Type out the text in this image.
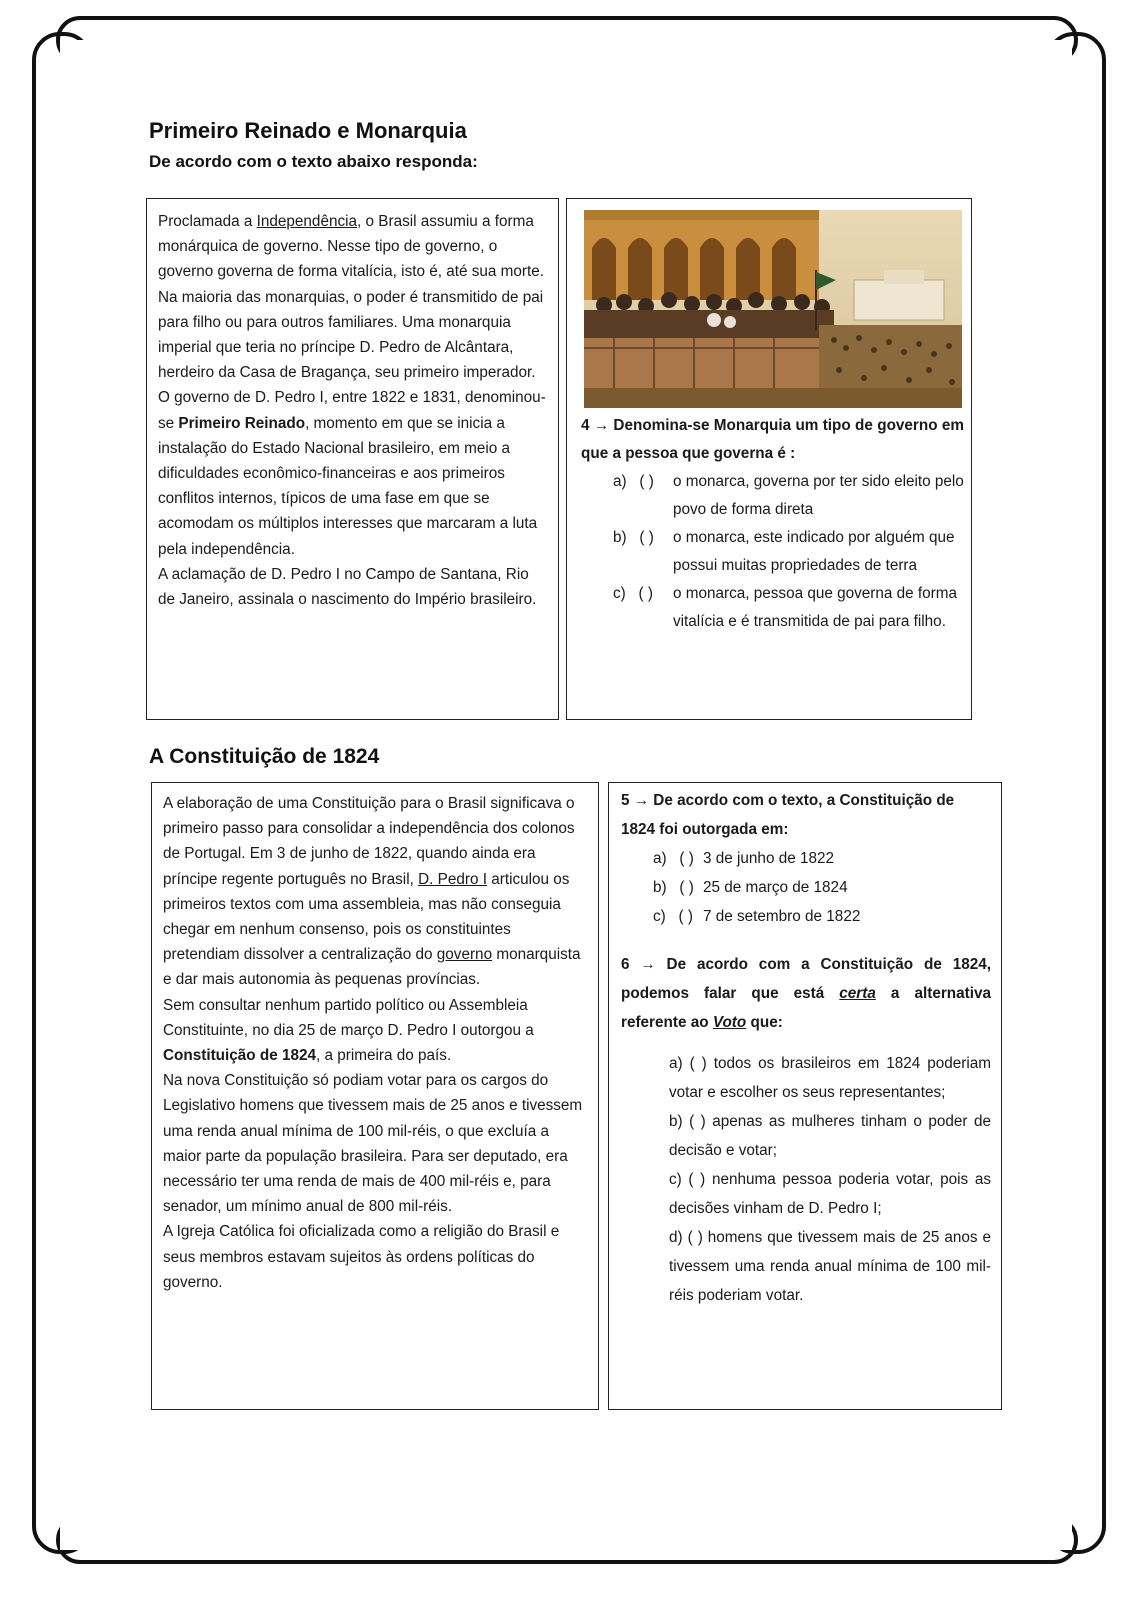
Primeiro Reinado e Monarquia
De acordo com o texto abaixo responda:

Proclamada a Independência, o Brasil assumiu a forma monárquica de governo. Nesse tipo de governo, o governo governa de forma vitalícia, isto é, até sua morte. Na maioria das monarquias, o poder é transmitido de pai para filho ou para outros familiares. Uma monarquia imperial que teria no príncipe D. Pedro de Alcântara, herdeiro da Casa de Bragança, seu primeiro imperador. O governo de D. Pedro I, entre 1822 e 1831, denominou-se Primeiro Reinado, momento em que se inicia a instalação do Estado Nacional brasileiro, em meio a dificuldades econômico-financeiras e aos primeiros conflitos internos, típicos de uma fase em que se acomodam os múltiplos interesses que marcaram a luta pela independência.

A aclamação de D. Pedro I no Campo de Santana, Rio de Janeiro, assinala o nascimento do Império brasileiro.

4 → Denomina-se Monarquia um tipo de governo em que a pessoa que governa é :

a) ( )	o monarca, governa por ter sido eleito pelo povo de forma direta

b) ( )	o monarca, este indicado por alguém que possui muitas propriedades de terra

c) ( )	o monarca, pessoa que governa de forma vitalícia e é transmitida de pai para filho.

A Constituição de 1824

A elaboração de uma Constituição para o Brasil significava o primeiro passo para consolidar a independência dos colonos de Portugal. Em 3 de junho de 1822, quando ainda era príncipe regente português no Brasil, D. Pedro I articulou os primeiros textos com uma assembleia, mas não conseguia chegar em nenhum consenso, pois os constituintes pretendiam dissolver a centralização do governo monarquista e dar mais autonomia às pequenas províncias.

Sem consultar nenhum partido político ou Assembleia Constituinte, no dia 25 de março D. Pedro I outorgou a Constituição de 1824, a primeira do país.

Na nova Constituição só podiam votar para os cargos do Legislativo homens que tivessem mais de 25 anos e tivessem uma renda anual mínima de 100 mil-réis, o que excluía a maior parte da população brasileira. Para ser deputado, era necessário ter uma renda de mais de 400 mil-réis e, para senador, um mínimo anual de 800 mil-réis.

A Igreja Católica foi oficializada como a religião do Brasil e seus membros estavam sujeitos às ordens políticas do governo.

5 → De acordo com o texto, a Constituição de 1824 foi outorgada em:

a) ( ) 3 de junho de 1822

b) ( ) 25 de março de 1824

c) ( ) 7 de setembro de 1822

6 → De acordo com a Constituição de 1824, podemos falar que está certa a alternativa referente ao Voto que:

a) ( ) todos os brasileiros em 1824 poderiam votar e escolher os seus representantes;

b) ( ) apenas as mulheres tinham o poder de decisão e votar;

c) ( ) nenhuma pessoa poderia votar, pois as decisões vinham de D. Pedro I;

d) ( ) homens que tivessem mais de 25 anos e tivessem uma renda anual mínima de 100 mil-réis poderiam votar.
